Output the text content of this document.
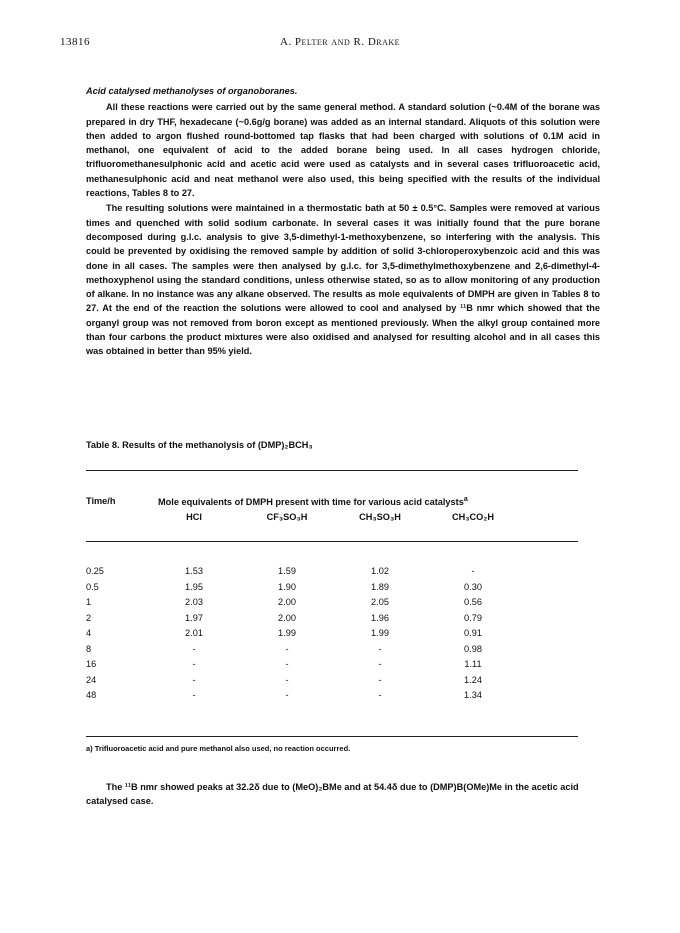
13816	A. Pelter and R. Drake

Acid catalysed methanolyses of organoboranes.

All these reactions were carried out by the same general method. A standard solution (~0.4M of the borane was prepared in dry THF, hexadecane (~0.6g/g borane) was added as an internal standard. Aliquots of this solution were then added to argon flushed round-bottomed tap flasks that had been charged with solutions of 0.1M acid in methanol, one equivalent of acid to the added borane being used. In all cases hydrogen chloride, trifluoromethanesulphonic acid and acetic acid were used as catalysts and in several cases trifluoroacetic acid, methanesulphonic acid and neat methanol were also used, this being specified with the results of the individual reactions, Tables 8 to 27.

The resulting solutions were maintained in a thermostatic bath at 50 ± 0.5°C. Samples were removed at various times and quenched with solid sodium carbonate. In several cases it was initially found that the pure borane decomposed during g.l.c. analysis to give 3,5-dimethyl-1-methoxybenzene, so interfering with the analysis. This could be prevented by oxidising the removed sample by addition of solid 3-chloroperoxybenzoic acid and this was done in all cases. The samples were then analysed by g.l.c. for 3,5-dimethylmethoxybenzene and 2,6-dimethyl-4-methoxyphenol using the standard conditions, unless otherwise stated, so as to allow monitoring of any production of alkane. In no instance was any alkane observed. The results as mole equivalents of DMPH are given in Tables 8 to 27. At the end of the reaction the solutions were allowed to cool and analysed by ¹¹B nmr which showed that the organyl group was not removed from boron except as mentioned previously. When the alkyl group contained more than four carbons the product mixtures were also oxidised and analysed for resulting alcohol and in all cases this was obtained in better than 95% yield.

Table 8. Results of the methanolysis of (DMP)₂BCH₃
Time/h	Mole equivalents of DMPH present with time for various acid catalysts$^a$
HCl	CF₃SO₃H	CH₃SO₃H	CH₃CO₂H
0.25	1.53	1.59	1.02	-
0.5	1.95	1.90	1.89	0.30
1	2.03	2.00	2.05	0.56
2	1.97	2.00	1.96	0.79
4	2.01	1.99	1.99	0.91
8	-	-	-	0.98
16	-	-	-	1.11
24	-	-	-	1.24
48	-	-	-	1.34
a) Trifluoroacetic acid and pure methanol also used, no reaction occurred.

The ¹¹B nmr showed peaks at 32.2δ due to (MeO)₂BMe and at 54.4δ due to (DMP)B(OMe)Me in the acetic acid catalysed case.
